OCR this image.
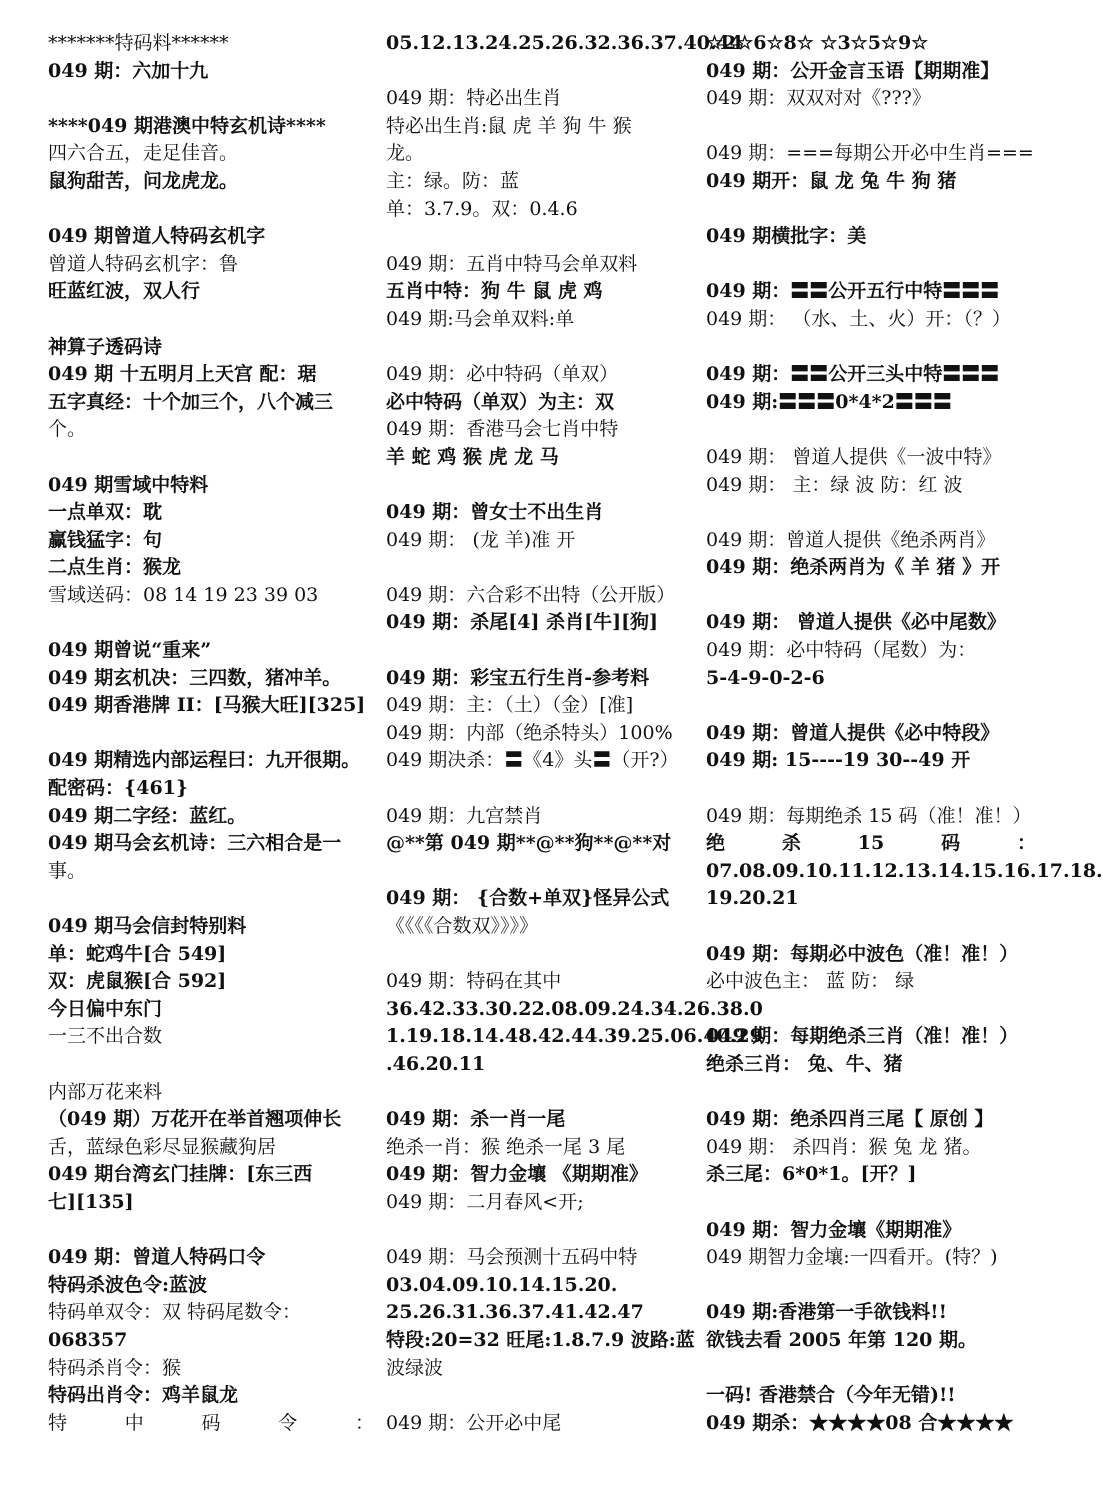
*******特码料******
049 期：六加十九
****049 期港澳中特玄机诗****
四六合五，走足佳音。
鼠狗甜苦，问龙虎龙。
049 期曾道人特码玄机字
曾道人特码玄机字：鲁
旺蓝红波，双人行
神算子透码诗
049 期 十五明月上天宫 配：琚
五字真经：十个加三个，八个减三
个。
049 期雪域中特料
一点单双：耽
赢钱猛字：句
二点生肖：猴龙
雪域送码：08 14 19 23 39 03
049 期曾说“重来”
049 期玄机决：三四数，猪冲羊。
049 期香港牌 II：[马猴大旺][325]
049 期精选内部运程曰：九开很期。
配密码：{461}
049 期二字经：蓝红。
049 期马会玄机诗：三六相合是一
事。
049 期马会信封特别料
单：蛇鸡牛[合 549]
双：虎鼠猴[合 592]
今日偏中东门
一三不出合数
内部万花来料
（049 期）万花开在举首翘项伸长
舌，蓝绿色彩尽显猴藏狗居
049 期台湾玄门挂牌：[东三西
七][135]
049 期：曾道人特码口令
特码杀波色令:蓝波
特码单双令：双 特码尾数令：
068357
特码杀肖令：猴
特码出肖令：鸡羊鼠龙
特	中	码	令	：
05.12.13.24.25.26.32.36.37.40.44
049 期：特必出生肖
特必出生肖:鼠 虎 羊 狗 牛 猴
龙。
主：绿。防：蓝
单：3.7.9。双：0.4.6
049 期：五肖中特马会单双料
五肖中特：狗 牛 鼠 虎 鸡
049 期:马会单双料:单
049 期：必中特码（单双）
必中特码（单双）为主：双
049 期：香港马会七肖中特
羊 蛇 鸡 猴 虎 龙 马
049 期：曾女士不出生肖
049 期： (龙 羊)准 开
049 期：六合彩不出特（公开版）
049 期：杀尾[4] 杀肖[牛][狗]
049 期：彩宝五行生肖-参考料
049 期：主：（土）（金）[准]
049 期：内部（绝杀特头）100%
049 期决杀：〓《4》头〓（开?）
049 期：九宫禁肖
@**第 049 期**@**狗**@**对
049 期： {合数+单双}怪异公式
《《《《合数双》》》》
049 期：特码在其中
36.42.33.30.22.08.09.24.34.26.38.0
1.19.18.14.48.42.44.39.25.06.40.29
.46.20.11
049 期：杀一肖一尾
绝杀一肖：猴 绝杀一尾 3 尾
049 期：智力金壤 《期期准》
049 期：二月春风<开;
049 期：马会预测十五码中特
03.04.09.10.14.15.20.
25.26.31.36.37.41.42.47
特段:20=32 旺尾:1.8.7.9 波路:蓝
波绿波
049 期：公开必中尾
☆2☆6☆8☆ ☆3☆5☆9☆
049 期：公开金言玉语【期期准】
049 期：双双对对《???》
049 期：===每期公开必中生肖===
049 期开：鼠 龙 兔 牛 狗 猪
049 期横批字：美
049 期：〓〓公开五行中特〓〓〓
049 期： （水、土、火）开：（？）
049 期：〓〓公开三头中特〓〓〓
049 期:〓〓〓0*4*2〓〓〓
049 期： 曾道人提供《一波中特》
049 期： 主：绿 波 防：红 波
049 期：曾道人提供《绝杀两肖》
049 期：绝杀两肖为《 羊 猪 》开
049 期： 曾道人提供《必中尾数》
049 期：必中特码（尾数）为：
5-4-9-0-2-6
049 期：曾道人提供《必中特段》
049 期: 15----19 30--49 开
049 期：每期绝杀 15 码（准！准！）
绝	杀	15	码	：
07.08.09.10.11.12.13.14.15.16.17.18.
19.20.21
049 期：每期必中波色（准！准！）
必中波色主： 蓝 防： 绿
049 期：每期绝杀三肖（准！准！）
绝杀三肖： 兔、牛、猪
049 期：绝杀四肖三尾【 原创 】
049 期： 杀四肖：猴 兔 龙 猪。
杀三尾：6*0*1。[开？]
049 期：智力金壤《期期准》
049 期智力金壤:一四看开。(特？)
049 期:香港第一手欲钱料!!
欲钱去看 2005 年第 120 期。
一码! 香港禁合（今年无错)!!
049 期杀：★★★★08 合★★★★
